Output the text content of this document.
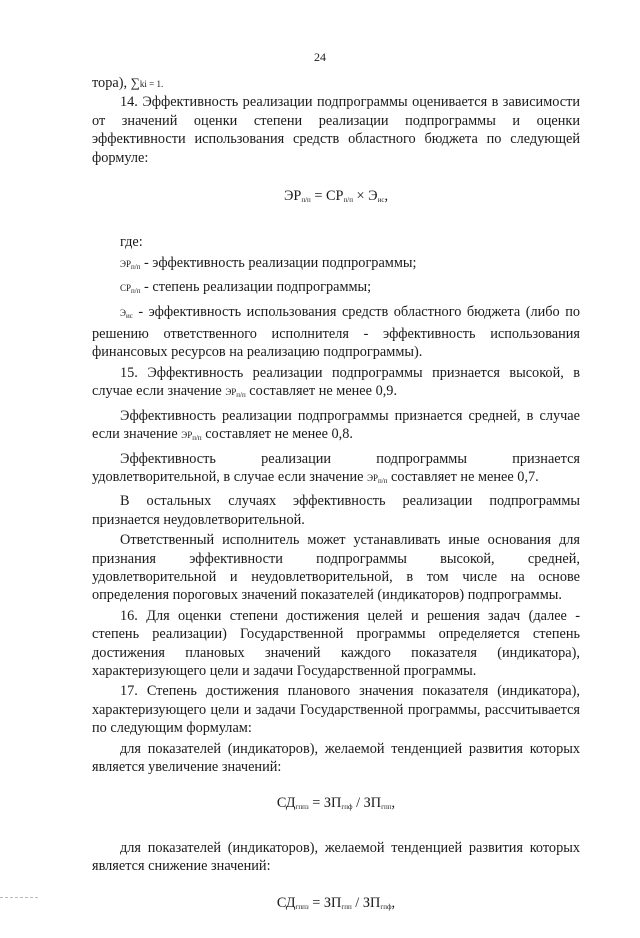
24

тора), ∑ki = 1.

14. Эффективность реализации подпрограммы оценивается в зависимости от значений оценки степени реализации подпрограммы и оценки эффективности использования средств областного бюджета по следующей формуле:

$ЭР_{п/п} = СР_{п/п} \times Э_{ис}$,

где:

$ЭР_{п/п}$ - эффективность реализации подпрограммы;

$СР_{п/п}$ - степень реализации подпрограммы;

$Э_{ис}$ - эффективность использования средств областного бюджета (либо по решению ответственного исполнителя - эффективность использования финансовых ресурсов на реализацию подпрограммы).

15. Эффективность реализации подпрограммы признается высокой, в случае если значение $ЭР_{п/п}$ составляет не менее 0,9.

Эффективность реализации подпрограммы признается средней, в случае если значение $ЭР_{п/п}$ составляет не менее 0,8.

Эффективность реализации подпрограммы признается удовлетворительной, в случае если значение $ЭР_{п/п}$ составляет не менее 0,7.

В остальных случаях эффективность реализации подпрограммы признается неудовлетворительной.

Ответственный исполнитель может устанавливать иные основания для признания эффективности подпрограммы высокой, средней, удовлетворительной и неудовлетворительной, в том числе на основе определения пороговых значений показателей (индикаторов) подпрограммы.

16. Для оценки степени достижения целей и решения задач (далее - степень реализации) Государственной программы определяется степень достижения плановых значений каждого показателя (индикатора), характеризующего цели и задачи Государственной программы.

17. Степень достижения планового значения показателя (индикатора), характеризующего цели и задачи Государственной программы, рассчитывается по следующим формулам:

для показателей (индикаторов), желаемой тенденцией развития которых является увеличение значений:

$СД_{гппз} = ЗП_{гпф} / ЗП_{гпп}$,

для показателей (индикаторов), желаемой тенденцией развития которых является снижение значений:

$СД_{гппз} = ЗП_{гпп} / ЗП_{гпф}$,
